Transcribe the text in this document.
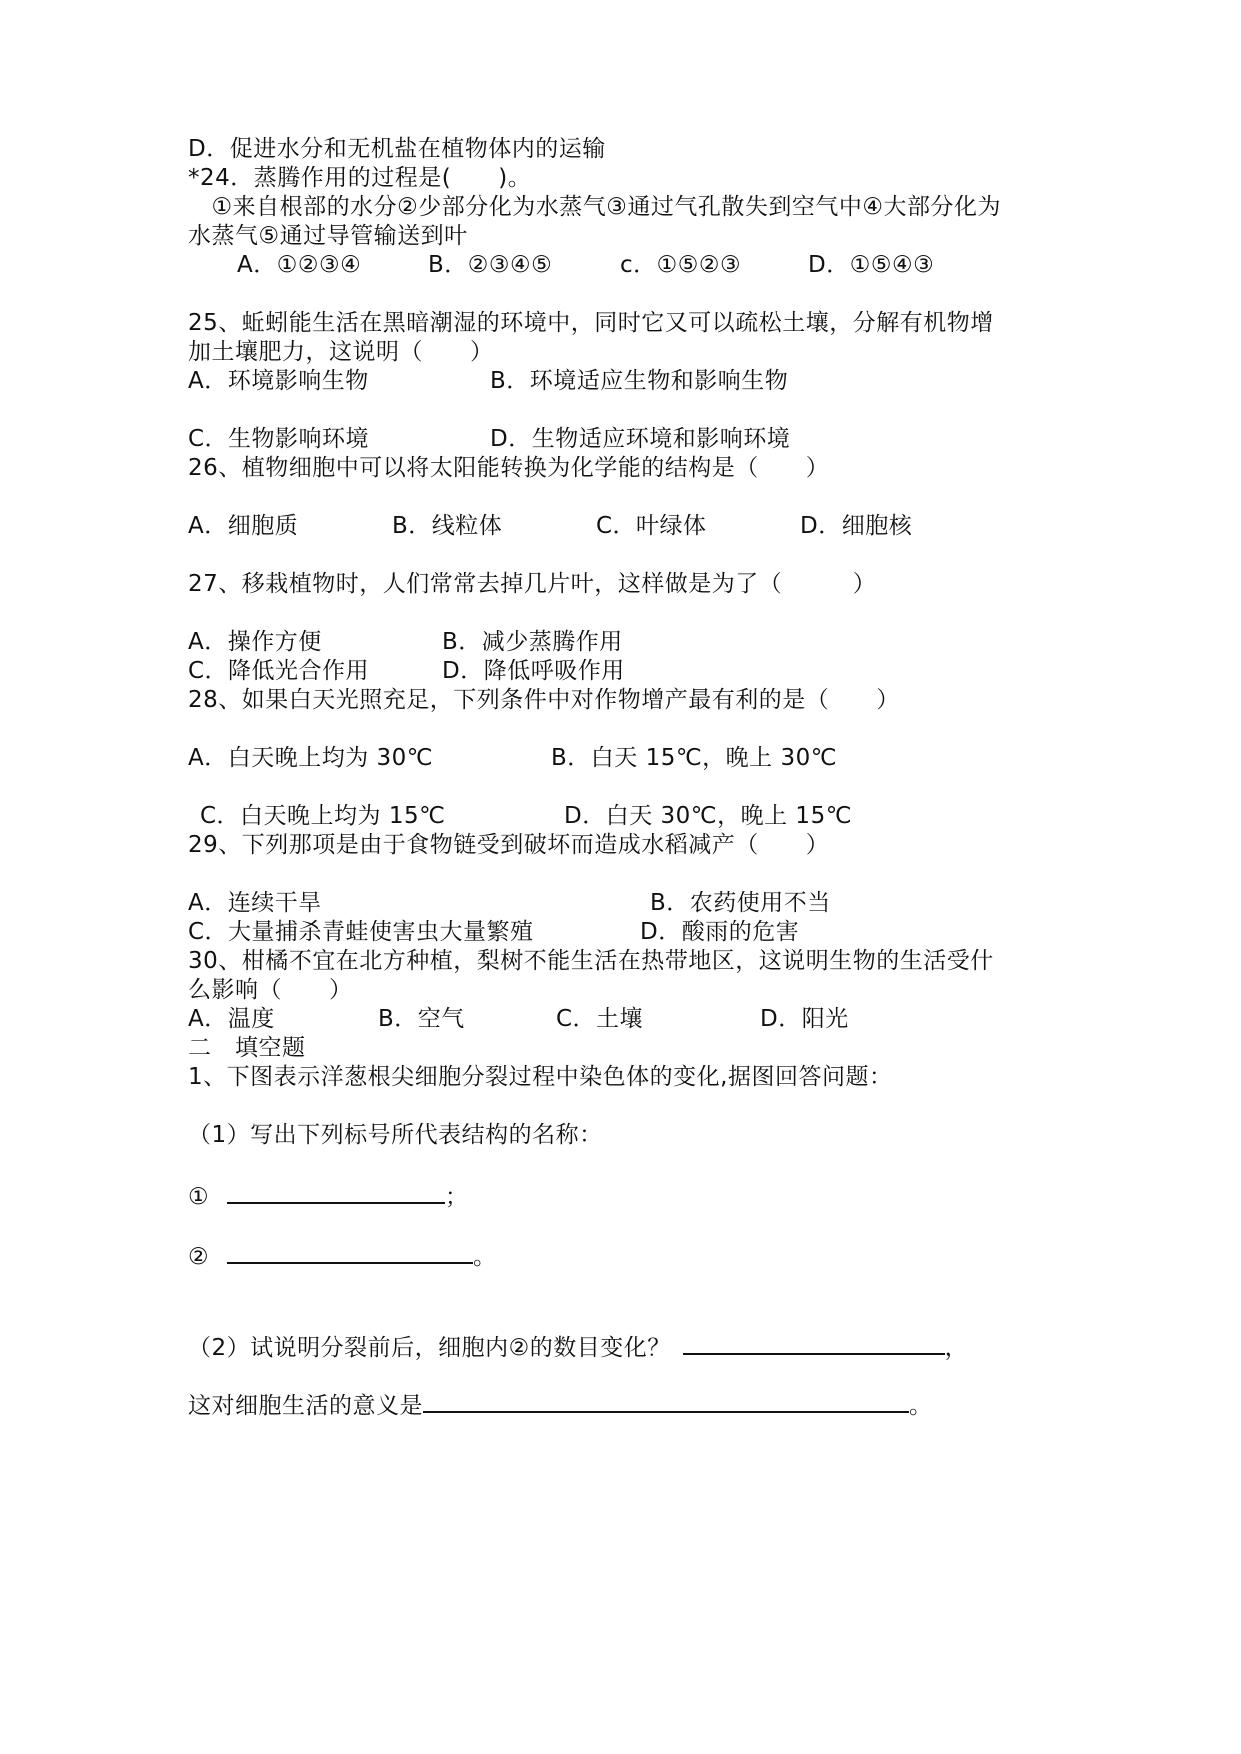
D．促进水分和无机盐在植物体内的运输
*24．蒸腾作用的过程是(　　)。
　①来自根部的水分②少部分化为水蒸气③通过气孔散失到空气中④大部分化为
水蒸气⑤通过导管输送到叶
A．①②③④	B．②③④⑤	c．①⑤②③	D．①⑤④③
25、蚯蚓能生活在黑暗潮湿的环境中，同时它又可以疏松土壤，分解有机物增
加土壤肥力，这说明（　　）
A．环境影响生物	B．环境适应生物和影响生物
C．生物影响环境	D．生物适应环境和影响环境
26、植物细胞中可以将太阳能转换为化学能的结构是（　　）
A．细胞质	B．线粒体	C．叶绿体	D．细胞核
27、移栽植物时，人们常常去掉几片叶，这样做是为了（　　　）
A．操作方便	B．减少蒸腾作用
C．降低光合作用	D．降低呼吸作用
28、如果白天光照充足，下列条件中对作物增产最有利的是（　　）
A．白天晚上均为 30℃	B．白天 15℃，晚上 30℃
C．白天晚上均为 15℃	D．白天 30℃，晚上 15℃
29、下列那项是由于食物链受到破坏而造成水稻减产（　　）
A．连续干旱	B．农药使用不当
C．大量捕杀青蛙使害虫大量繁殖	D．酸雨的危害
30、柑橘不宜在北方种植，梨树不能生活在热带地区，这说明生物的生活受什
么影响（　　）
A．温度	B．空气	C．土壤	D．阳光
二　填空题
1、下图表示洋葱根尖细胞分裂过程中染色体的变化,据图回答问题：
（1）写出下列标号所代表结构的名称：
①	；
②	。
（2）试说明分裂前后，细胞内②的数目变化？	，
这对细胞生活的意义是	。
